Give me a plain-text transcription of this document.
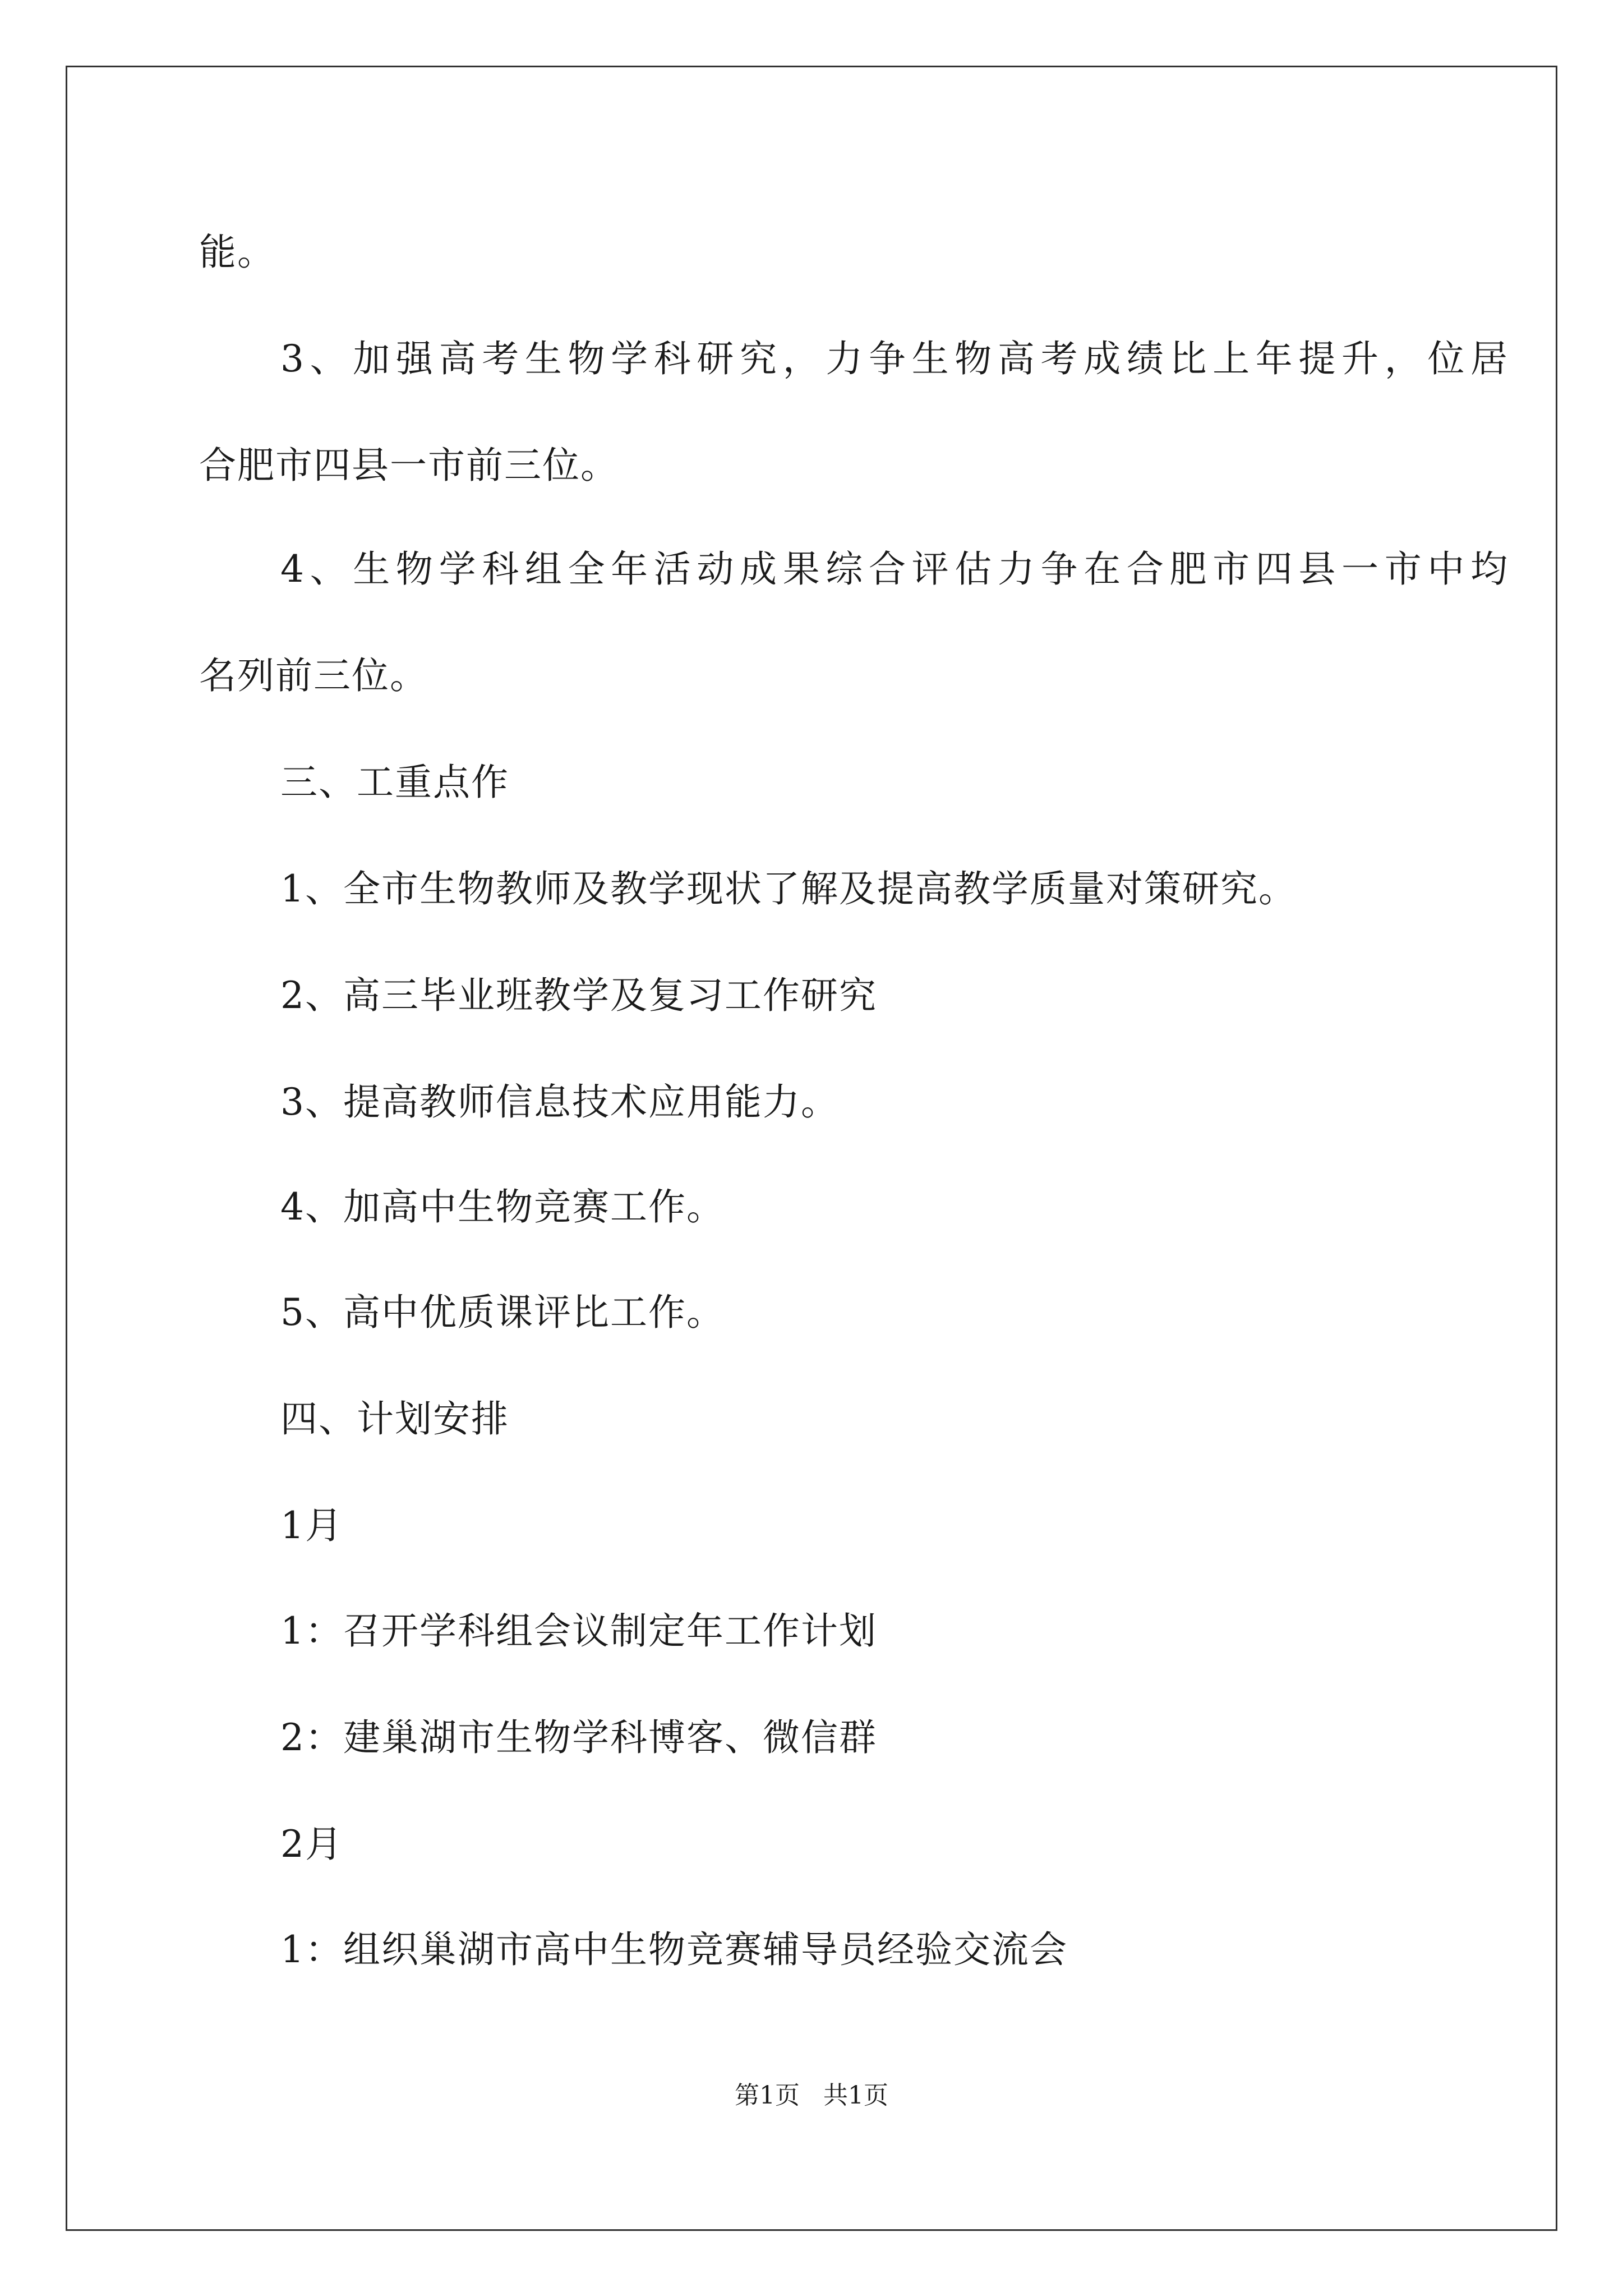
能。
3、加强高考生物学科研究，力争生物高考成绩比上年提升，位居
合肥市四县一市前三位。
4、生物学科组全年活动成果综合评估力争在合肥市四县一市中均
名列前三位。
三、工重点作
1、全市生物教师及教学现状了解及提高教学质量对策研究。
2、高三毕业班教学及复习工作研究
3、提高教师信息技术应用能力。
4、加高中生物竞赛工作。
5、高中优质课评比工作。
四、计划安排
1月
1：召开学科组会议制定年工作计划
2：建巢湖市生物学科博客、微信群
2月
1：组织巢湖市高中生物竞赛辅导员经验交流会
第1页   共1页
